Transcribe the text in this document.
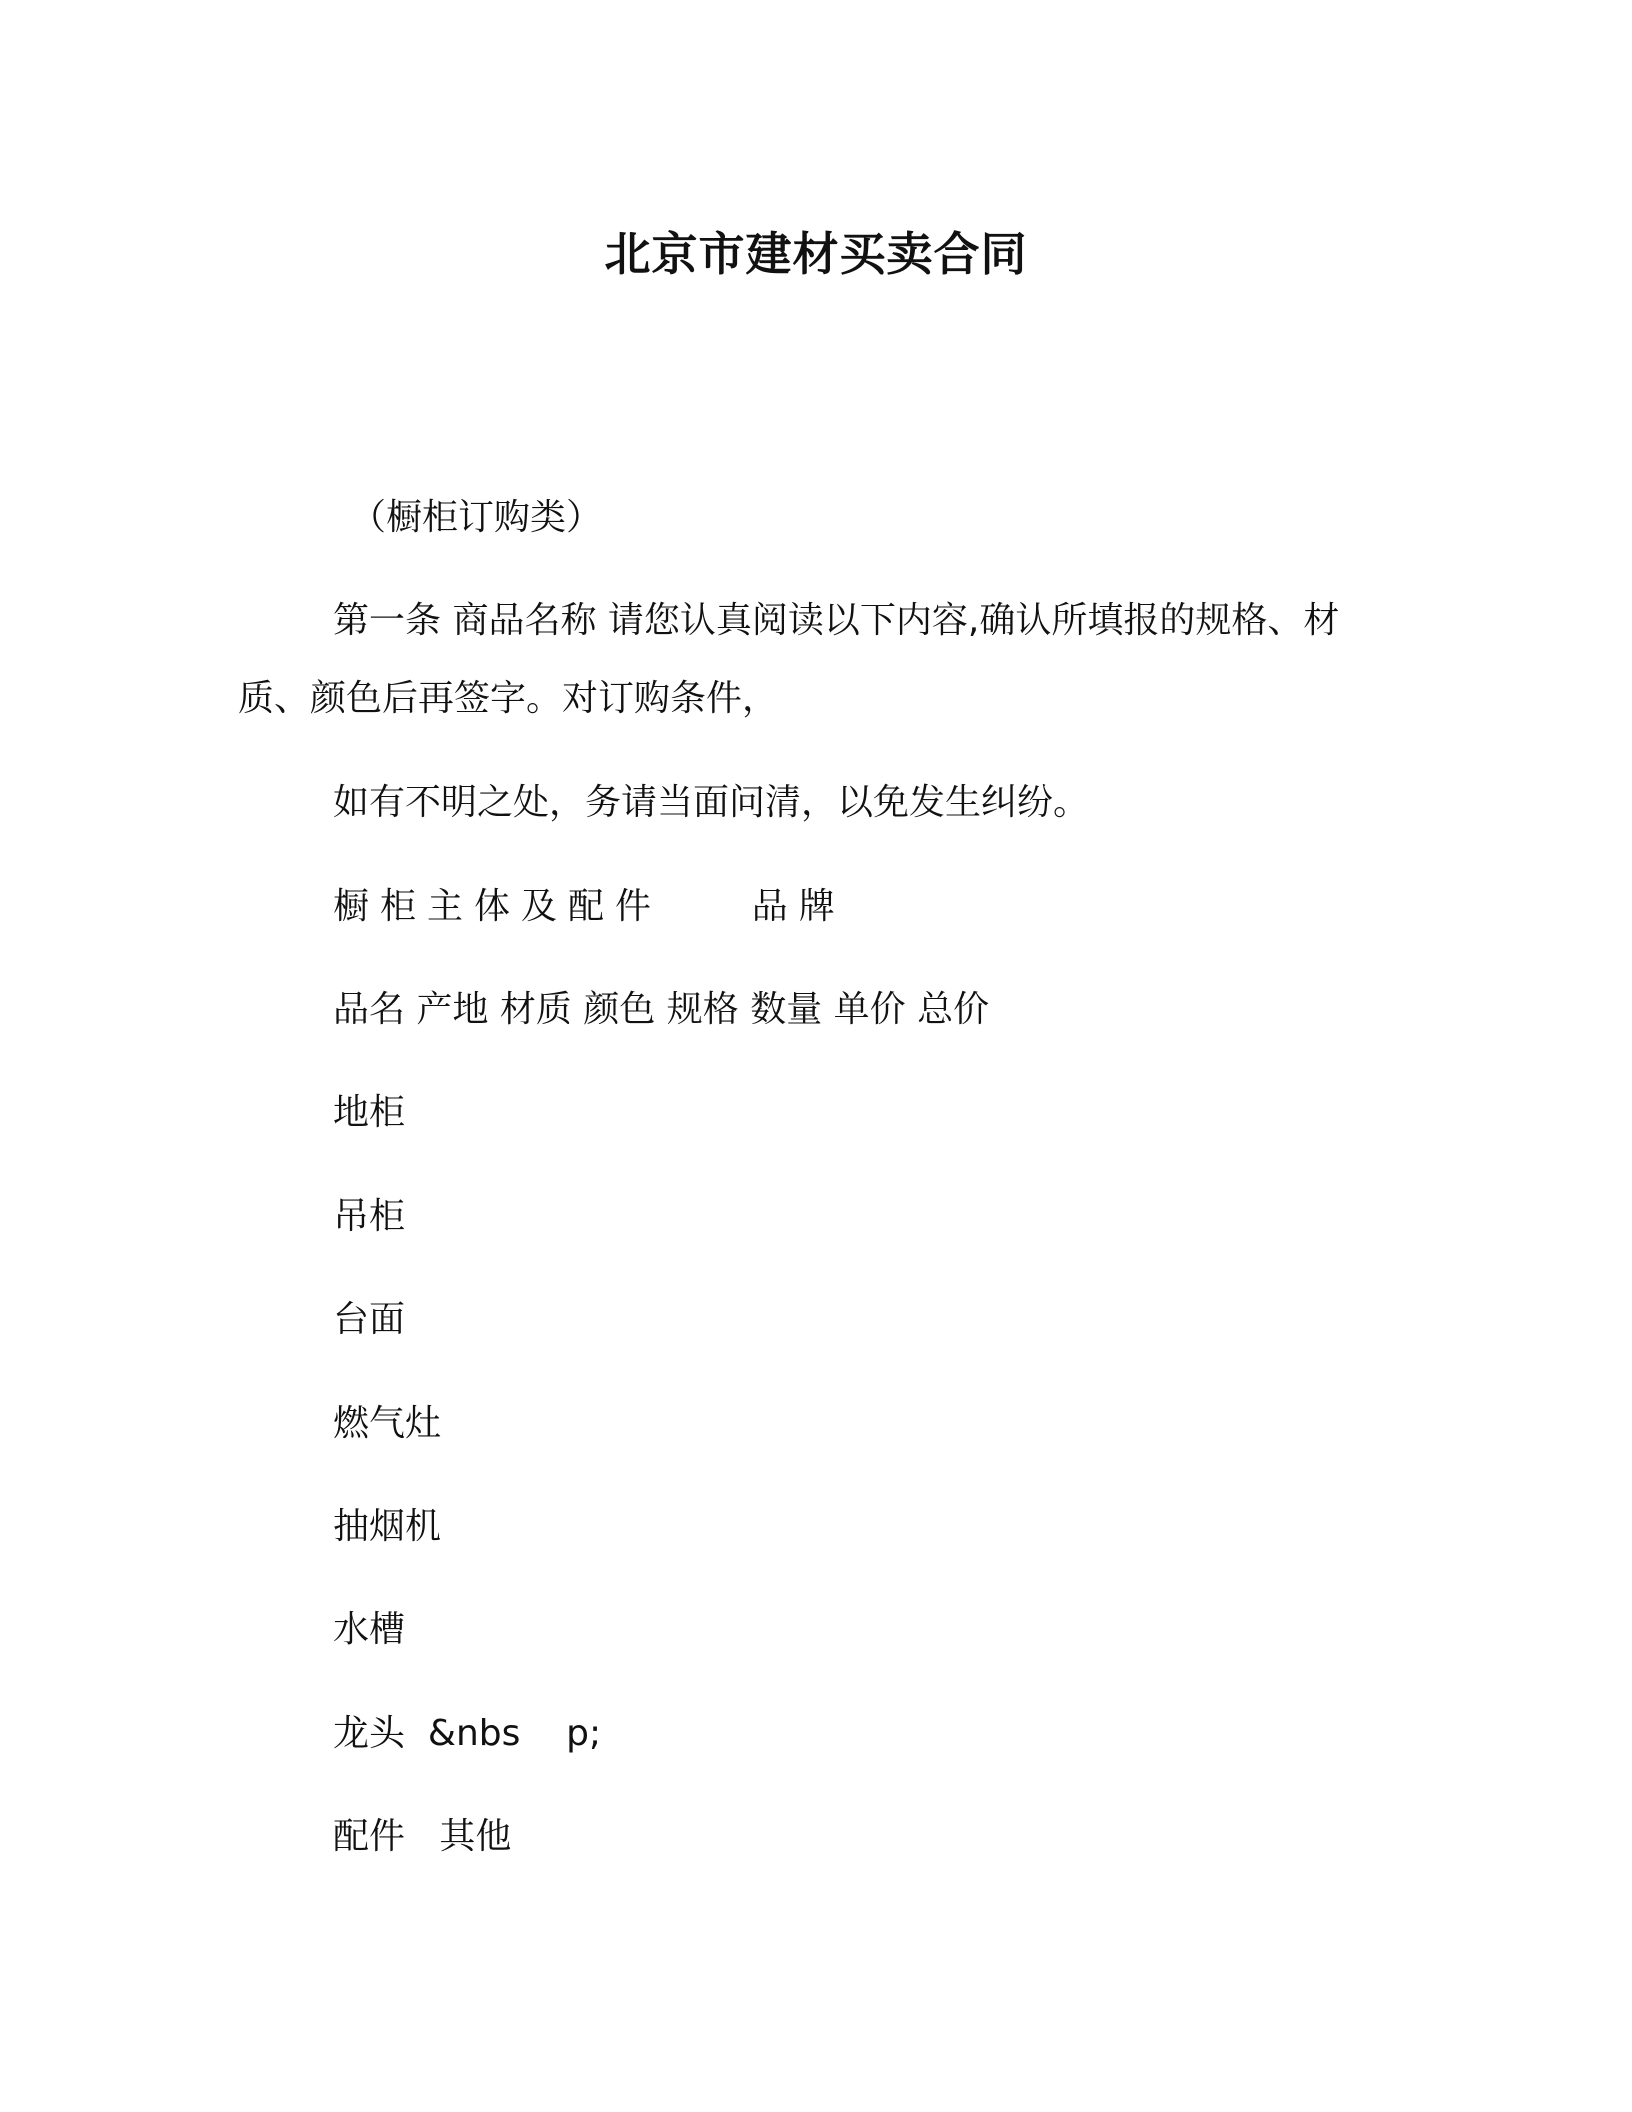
北京市建材买卖合同
（橱柜订购类）
第一条 商品名称 请您认真阅读以下内容,确认所填报的规格、材
质、颜色后再签字。对订购条件，
如有不明之处，务请当面问清，以免发生纠纷。
橱柜主体及配件    品牌
品名 产地 材质 颜色 规格 数量 单价 总价
地柜
吊柜
台面
燃气灶
抽烟机
水槽
龙头  &nbs    p;
配件   其他
